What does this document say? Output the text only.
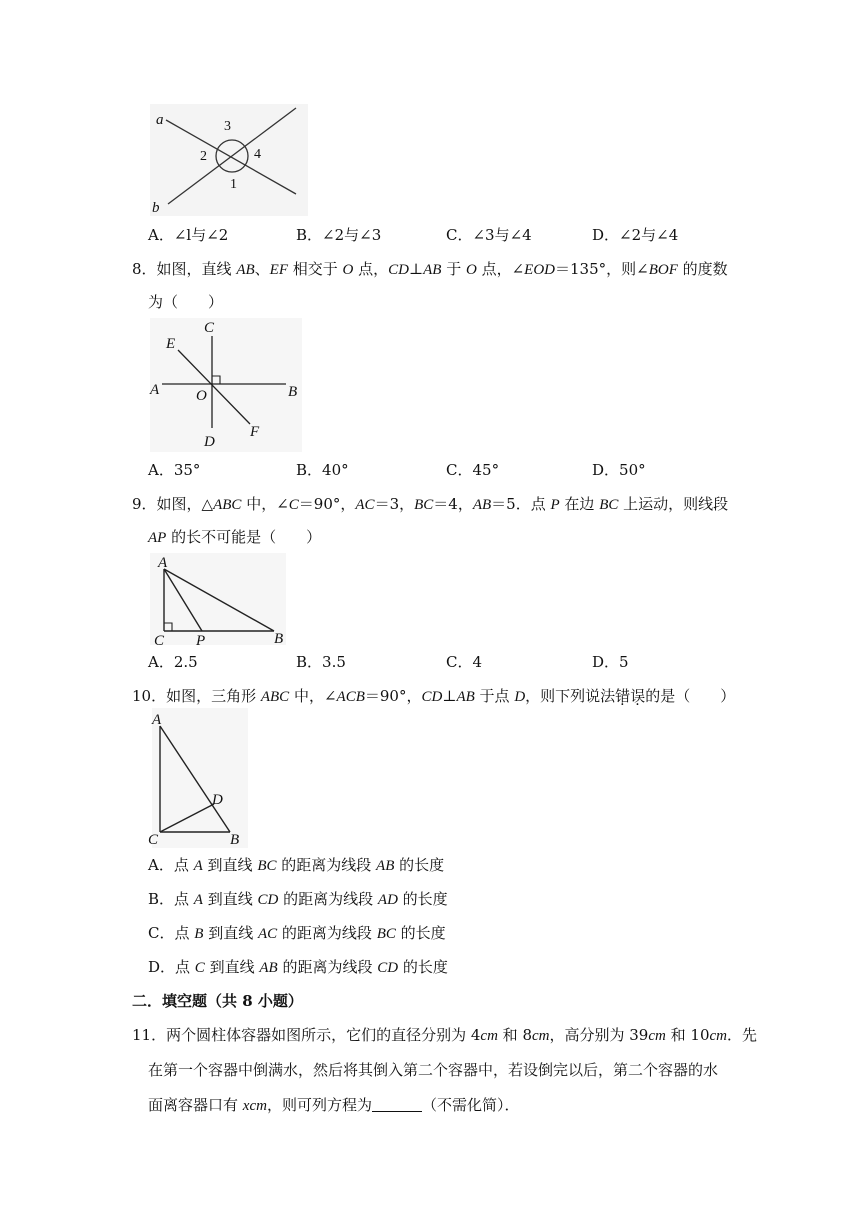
a
b
3
2	4
1
A．∠l与∠2	B．∠2与∠3	C．∠3与∠4	D．∠2与∠4
8．如图，直线 AB、EF 相交于 O 点，CD⊥AB 于 O 点，∠EOD＝135°，则∠BOF 的度数
为（　　）
C
E
A O	B
D
F
A．35°	B．40°	C．45°	D．50°
9．如图，△ABC 中，∠C＝90°，AC＝3，BC＝4，AB＝5．点 P 在边 BC 上运动，则线段
AP 的长不可能是（　　）
A
C P	B
A．2.5	B．3.5	C．4	D．5
10．如图，三角形 ABC 中，∠ACB＝90°，CD⊥AB 于点 D，则下列说法错误的是（　　）
A
D
C	B
A．点 A 到直线 BC 的距离为线段 AB 的长度
B．点 A 到直线 CD 的距离为线段 AD 的长度
C．点 B 到直线 AC 的距离为线段 BC 的长度
D．点 C 到直线 AB 的距离为线段 CD 的长度
二．填空题（共 8 小题）
11．两个圆柱体容器如图所示，它们的直径分别为 4cm 和 8cm，高分别为 39cm 和 10cm．先
在第一个容器中倒满水，然后将其倒入第二个容器中，若设倒完以后，第二个容器的水
面离容器口有 xcm，则可列方程为	（不需化简）．
